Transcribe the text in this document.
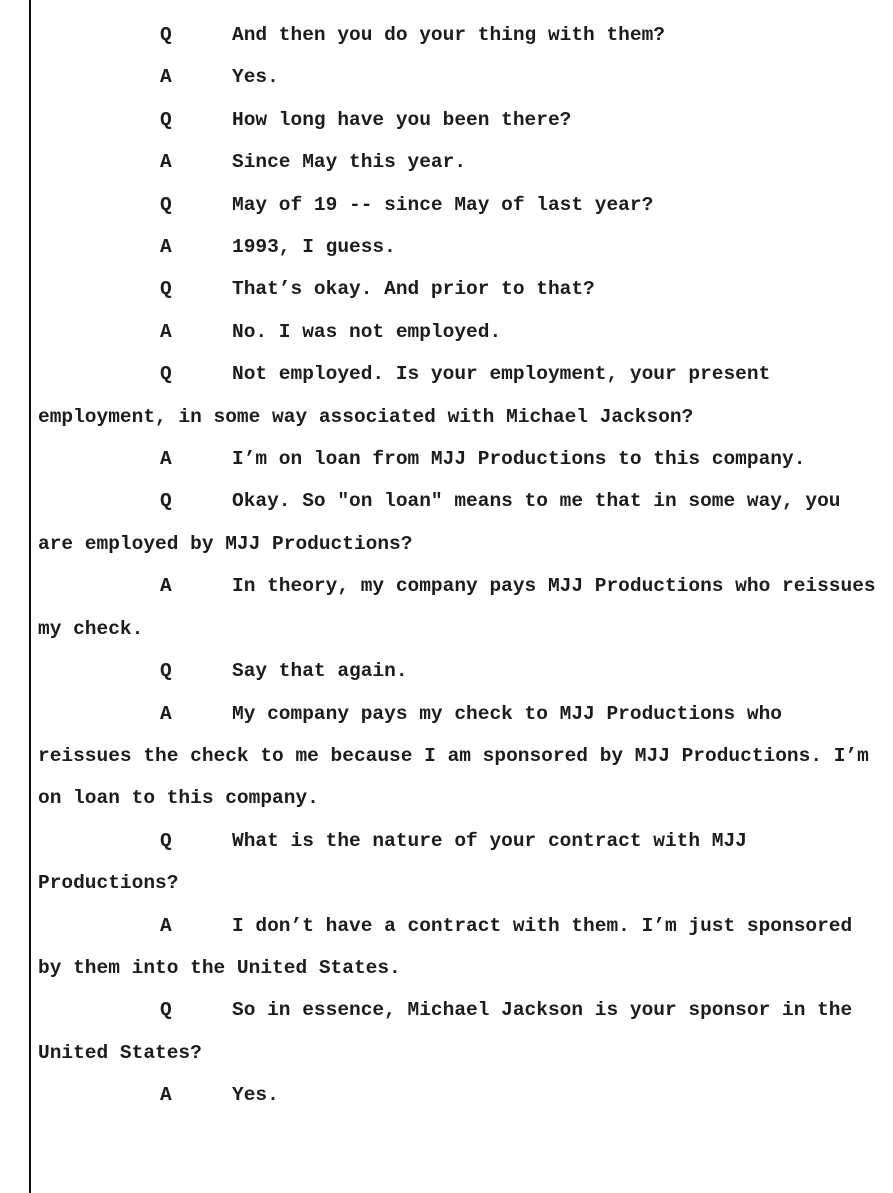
Q	And then you do your thing with them?

A	Yes.

Q	How long have you been there?

A	Since May this year.

Q	May of 19 -- since May of last year?

A	1993, I guess.

Q	That’s okay. And prior to that?

A	No. I was not employed.

Q	Not employed. Is your employment, your present employment, in some way associated with Michael Jackson?

A	I’m on loan from MJJ Productions to this company.

Q	Okay. So "on loan" means to me that in some way, you are employed by MJJ Productions?

A	In theory, my company pays MJJ Productions who reissues my check.

Q	Say that again.

A	My company pays my check to MJJ Productions who reissues the check to me because I am sponsored by MJJ Productions. I’m on loan to this company.

Q	What is the nature of your contract with MJJ Productions?

A	I don’t have a contract with them. I’m just sponsored by them into the United States.

Q	So in essence, Michael Jackson is your sponsor in the United States?

A	Yes.
